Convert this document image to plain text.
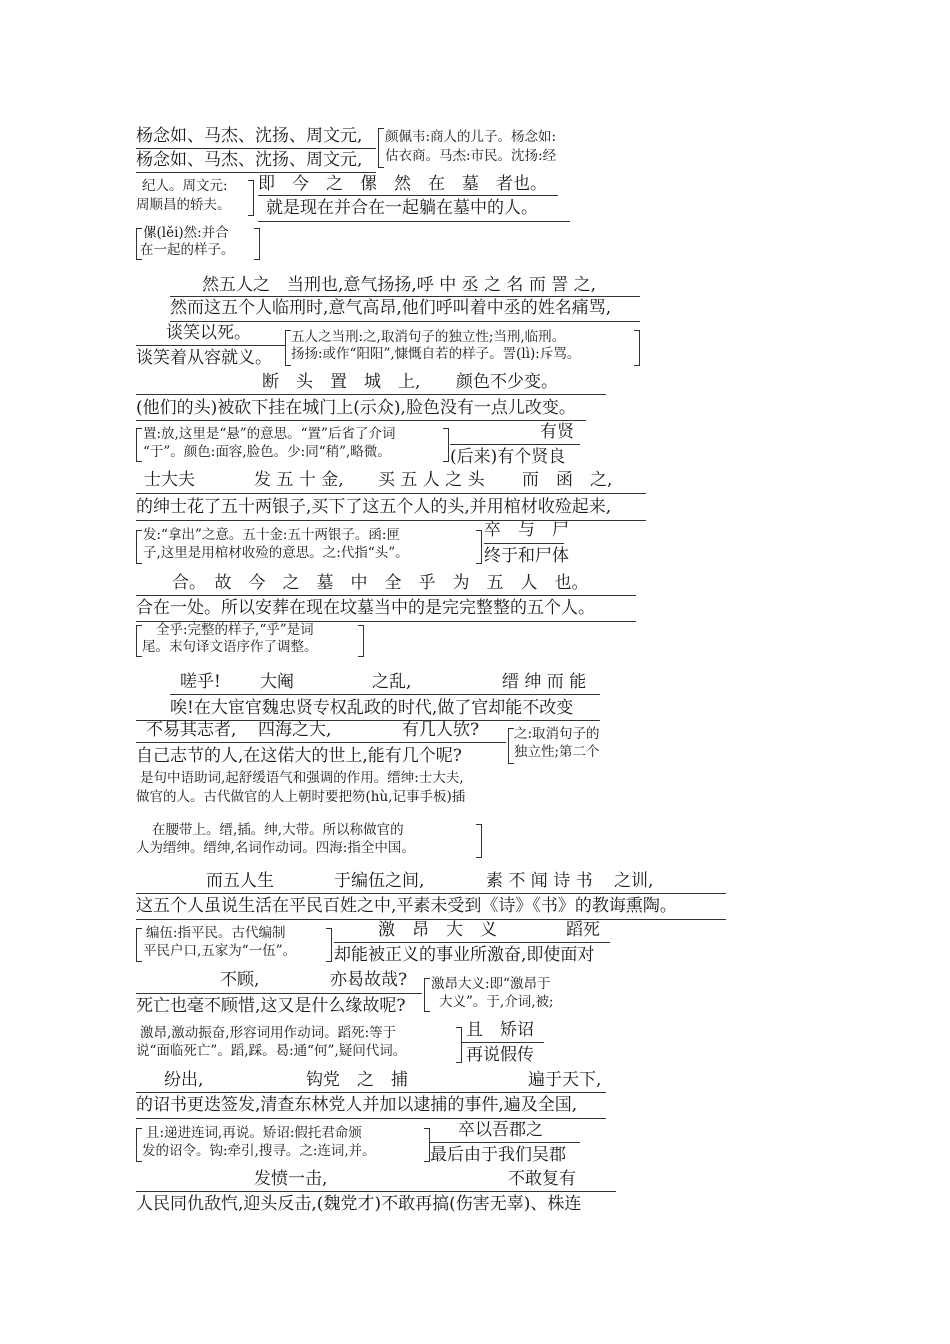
杨念如、马杰、沈扬、周文元,
杨念如、马杰、沈扬、周文元,
颜佩韦:商人的儿子。杨念如:
估衣商。马杰:市民。沈扬:经
纪人。周文元:
周顺昌的轿夫。
即　今　之　傫　然　在　墓　者也。
就是现在并合在一起躺在墓中的人。
傫(lěi)然:并合
在一起的样子。
然五人之　当刑也,意气扬扬,呼 中 丞 之 名 而 詈 之,
然而这五个人临刑时,意气高昂,他们呼叫着中丞的姓名痛骂,
谈笑以死。
谈笑着从容就义。
五人之当刑:之,取消句子的独立性;当刑,临刑。
扬扬:或作“阳阳”,慷慨自若的样子。詈(lì):斥骂。
断　头　置　城　上, 颜色不少变。
(他们的头)被砍下挂在城门上(示众),脸色没有一点儿改变。
置:放,这里是“悬”的意思。“置”后省了介词
“于”。颜色:面容,脸色。少:同“稍”,略微。
有贤
(后来)有个贤良
士大夫	发 五 十 金, 买 五 人 之 头 而　函　之,
的绅士花了五十两银子,买下了这五个人的头,并用棺材收殓起来,
发:“拿出”之意。五十金:五十两银子。函:匣
子,这里是用棺材收殓的意思。之:代指“头”。
卒　与　尸
终于和尸体
合。　故　今　之　墓　中　全　乎　为　五　人　也。
合在一处。所以安葬在现在坟墓当中的是完完整整的五个人。
全乎:完整的样子,“乎”是词
尾。末句译文语序作了调整。
嗟乎! 大阉	之乱,	缙 绅 而 能
唉!在大宦官魏忠贤专权乱政的时代,做了官却能不改变
不易其志者, 四海之大,	有几人欤?
自己志节的人,在这偌大的世上,能有几个呢?
之:取消句子的
独立性;第二个
是句中语助词,起舒缓语气和强调的作用。缙绅:士大夫,
做官的人。古代做官的人上朝时要把笏(hù,记事手板)插
在腰带上。缙,插。绅,大带。所以称做官的
人为缙绅。缙绅,名词作动词。四海:指全中国。
而五人生	于编伍之间,	素 不 闻 诗 书 之训,
这五个人虽说生活在平民百姓之中,平素未受到《诗》《书》的教诲熏陶。
编伍:指平民。古代编制
平民户口,五家为“一伍”。
激　昂　大　义	蹈死
却能被正义的事业所激奋,即使面对
不顾,	亦曷故哉?
死亡也毫不顾惜,这又是什么缘故呢?
激昂大义:即“激昂于
大义”。于,介词,被;
激昂,激动振奋,形容词用作动词。蹈死:等于
说“面临死亡”。蹈,踩。曷:通“何”,疑问代词。
且　矫诏
再说假传
纷出,	钩党　之　捕	遍于天下,
的诏书更迭签发,清查东林党人并加以逮捕的事件,遍及全国,
且:递进连词,再说。矫诏:假托君命颁
发的诏令。钩:牵引,搜寻。之:连词,并。
卒以吾郡之
最后由于我们吴郡
发愤一击,	不敢复有
人民同仇敌忾,迎头反击,(魏党才)不敢再搞(伤害无辜)、株连
